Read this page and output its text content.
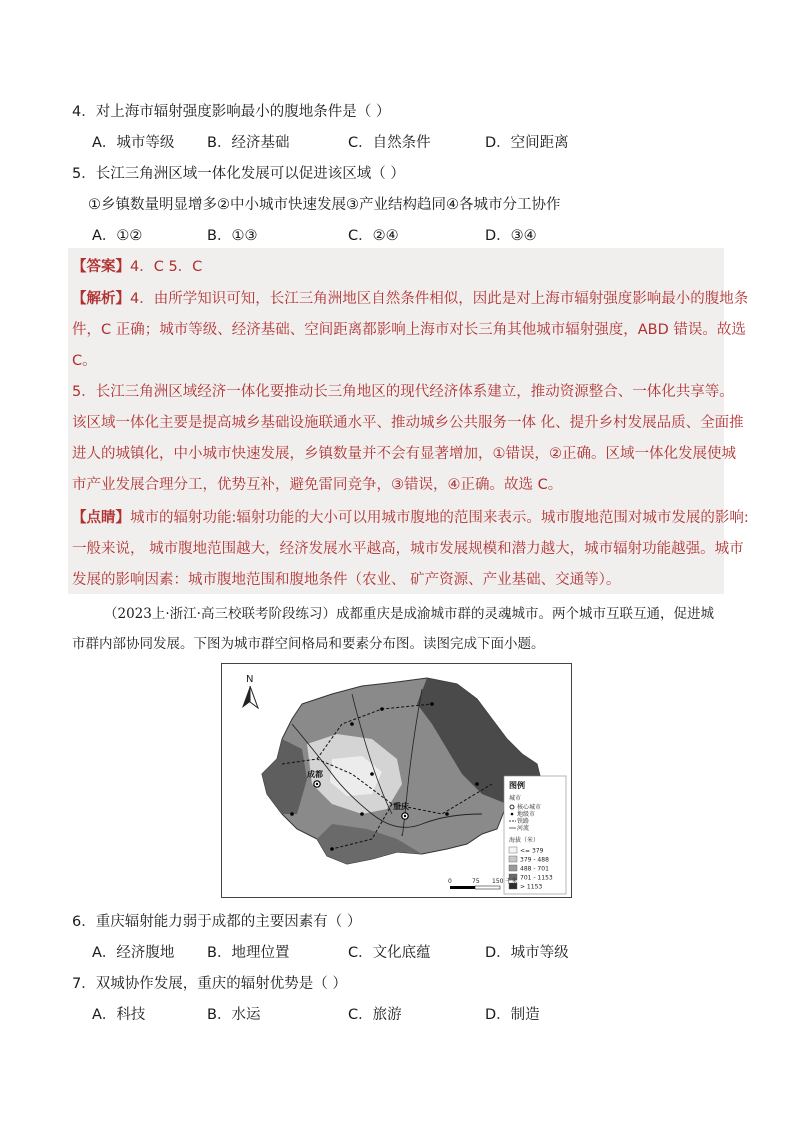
4．对上海市辐射强度影响最小的腹地条件是（ ）
A．城市等级 B．经济基础	C．自然条件	D．空间距离
5．长江三角洲区域一体化发展可以促进该区域（ ）
①乡镇数量明显增多②中小城市快速发展③产业结构趋同④各城市分工协作
A．①②	B．①③	C．②④	D．③④
【答案】4．C 5．C
【解析】4．由所学知识可知，长江三角洲地区自然条件相似，因此是对上海市辐射强度影响最小的腹地条
件，C 正确；城市等级、经济基础、空间距离都影响上海市对长三角其他城市辐射强度，ABD 错误。故选
C。
5．长江三角洲区域经济一体化要推动长三角地区的现代经济体系建立，推动资源整合、一体化共享等。
该区域一体化主要是提高城乡基础设施联通水平、推动城乡公共服务一体 化、提升乡村发展品质、全面推
进人的城镇化，中小城市快速发展，乡镇数量并不会有显著增加，①错误，②正确。区域一体化发展使城
市产业发展合理分工，优势互补，避免雷同竞争，③错误，④正确。故选 C。
【点睛】城市的辐射功能:辐射功能的大小可以用城市腹地的范围来表示。城市腹地范围对城市发展的影响:
一般来说， 城市腹地范围越大，经济发展水平越高，城市发展规模和潜力越大，城市辐射功能越强。城市
发展的影响因素：城市腹地范围和腹地条件（农业、 矿产资源、产业基础、交通等）。
（2023上·浙江·高三校联考阶段练习）成都重庆是成渝城市群的灵魂城市。两个城市互联互通，促进城
市群内部协同发展。下图为城市群空间格局和要素分布图。读图完成下面小题。
N
成都
重庆
图例
城市
核心城市
地级市
铁路
河流
海拔（米）
<= 379
379 - 488
488 - 701
701 - 1153
> 1153
0	75 150 千米
6．重庆辐射能力弱于成都的主要因素有（ ）
A．经济腹地 B．地理位置	C．文化底蕴	D．城市等级
7．双城协作发展，重庆的辐射优势是（ ）
A．科技	B．水运	C．旅游	D．制造
